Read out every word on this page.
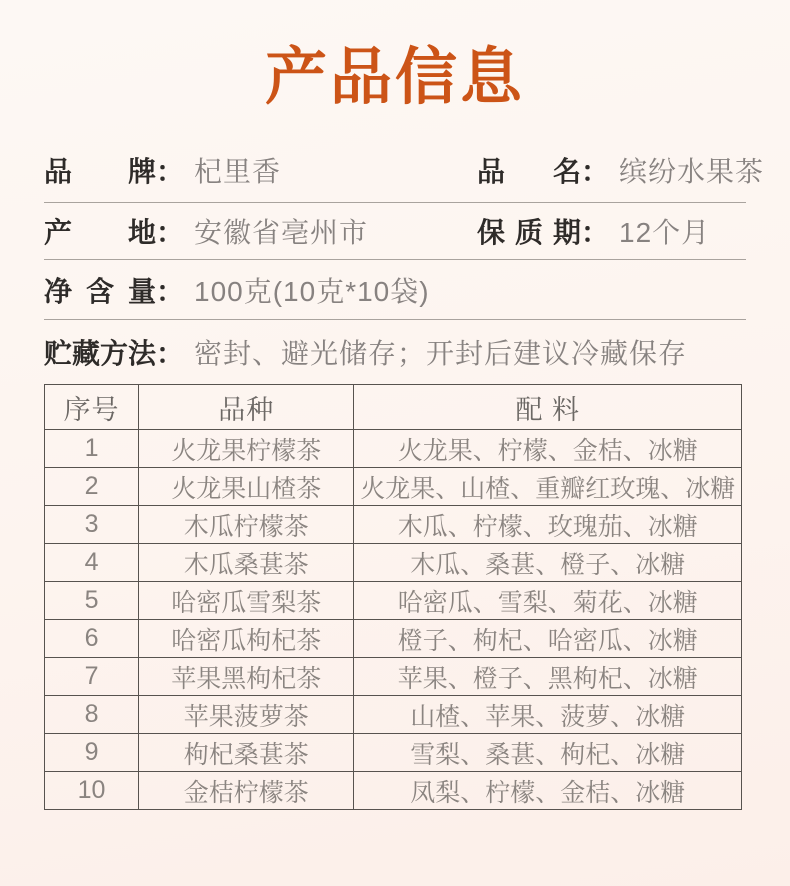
产品信息
品牌 ： 杞里香	品名 ： 缤纷水果茶
产地 ： 安徽省亳州市	保质期 ： 12个月
净含量 ： 100克(10克*10袋)
贮藏方法 ： 密封、避光储存；开封后建议冷藏保存
序号	品种	配 料
1	火龙果柠檬茶	火龙果、柠檬、金桔、冰糖
2	火龙果山楂茶	火龙果、山楂、重瓣红玫瑰、冰糖
3	木瓜柠檬茶	木瓜、柠檬、玫瑰茄、冰糖
4	木瓜桑葚茶	木瓜、桑葚、橙子、冰糖
5	哈密瓜雪梨茶	哈密瓜、雪梨、菊花、冰糖
6	哈密瓜枸杞茶	橙子、枸杞、哈密瓜、冰糖
7	苹果黑枸杞茶	苹果、橙子、黑枸杞、冰糖
8	苹果菠萝茶	山楂、苹果、菠萝、冰糖
9	枸杞桑葚茶	雪梨、桑葚、枸杞、冰糖
10	金桔柠檬茶	凤梨、柠檬、金桔、冰糖
